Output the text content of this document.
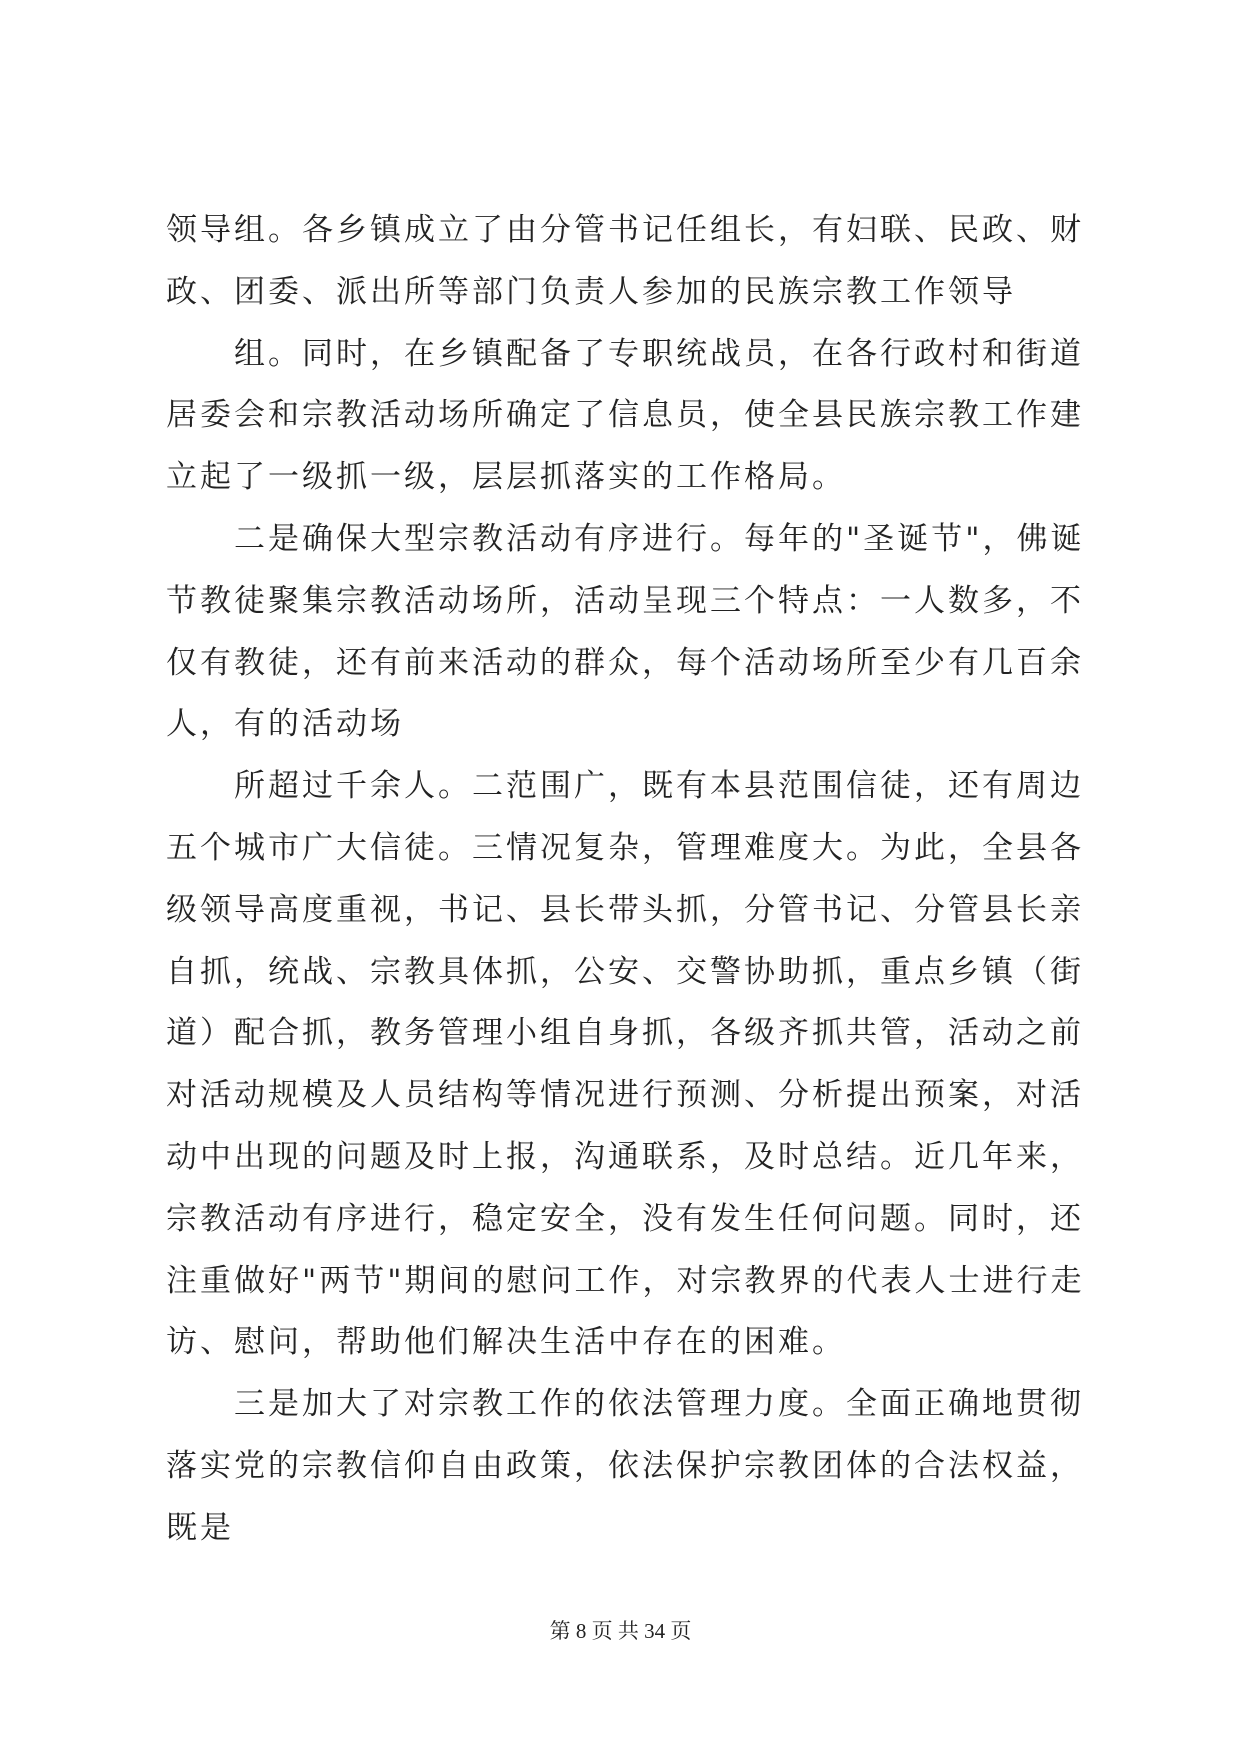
领导组。各乡镇成立了由分管书记任组长，有妇联、民政、财政、团委、派出所等部门负责人参加的民族宗教工作领导

组。同时，在乡镇配备了专职统战员，在各行政村和街道居委会和宗教活动场所确定了信息员，使全县民族宗教工作建立起了一级抓一级，层层抓落实的工作格局。

二是确保大型宗教活动有序进行。每年的"圣诞节"，佛诞节教徒聚集宗教活动场所，活动呈现三个特点：一人数多，不仅有教徒，还有前来活动的群众，每个活动场所至少有几百余人，有的活动场

所超过千余人。二范围广，既有本县范围信徒，还有周边五个城市广大信徒。三情况复杂，管理难度大。为此，全县各级领导高度重视，书记、县长带头抓，分管书记、分管县长亲自抓，统战、宗教具体抓，公安、交警协助抓，重点乡镇（街道）配合抓，教务管理小组自身抓，各级齐抓共管，活动之前对活动规模及人员结构等情况进行预测、分析提出预案，对活动中出现的问题及时上报，沟通联系，及时总结。近几年来，宗教活动有序进行，稳定安全，没有发生任何问题。同时，还注重做好"两节"期间的慰问工作，对宗教界的代表人士进行走访、慰问，帮助他们解决生活中存在的困难。

三是加大了对宗教工作的依法管理力度。全面正确地贯彻落实党的宗教信仰自由政策，依法保护宗教团体的合法权益，既是

第 8 页 共 34 页
